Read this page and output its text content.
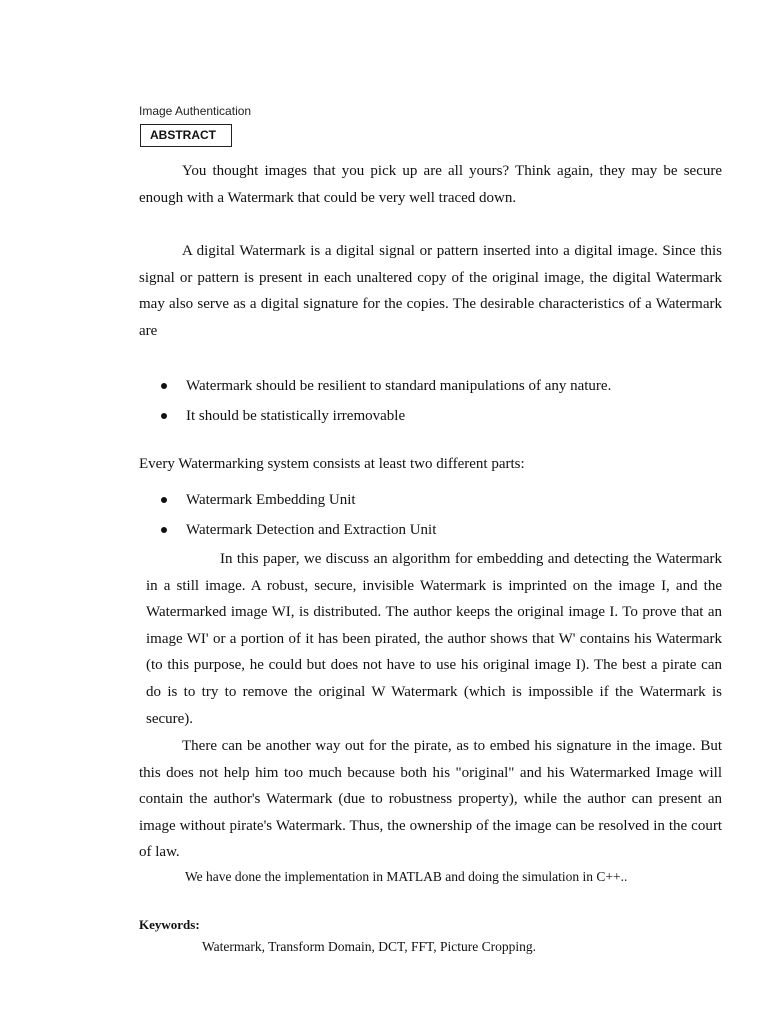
Image Authentication
ABSTRACT

You thought images that you pick up are all yours? Think again, they may be secure enough with a Watermark that could be very well traced down.

A digital Watermark is a digital signal or pattern inserted into a digital image. Since this signal or pattern is present in each unaltered copy of the original image, the digital Watermark may also serve as a digital signature for the copies. The desirable characteristics of a Watermark are

Watermark should be resilient to standard manipulations of any nature.
It should be statistically irremovable

Every Watermarking system consists at least two different parts:

Watermark Embedding Unit
Watermark Detection and Extraction Unit

In this paper, we discuss an algorithm for embedding and detecting the Watermark in a still image. A robust, secure, invisible Watermark is imprinted on the image I, and the Watermarked image WI, is distributed. The author keeps the original image I. To prove that an image WI' or a portion of it has been pirated, the author shows that W' contains his Watermark (to this purpose, he could but does not have to use his original image I). The best a pirate can do is to try to remove the original W Watermark (which is impossible if the Watermark is secure).

There can be another way out for the pirate, as to embed his signature in the image. But this does not help him too much because both his "original" and his Watermarked Image will contain the author's Watermark (due to robustness property), while the author can present an image without pirate's Watermark. Thus, the ownership of the image can be resolved in the court of law.

We have done the implementation in MATLAB and doing the simulation in C++..

Keywords:

Watermark, Transform Domain, DCT, FFT, Picture Cropping.
